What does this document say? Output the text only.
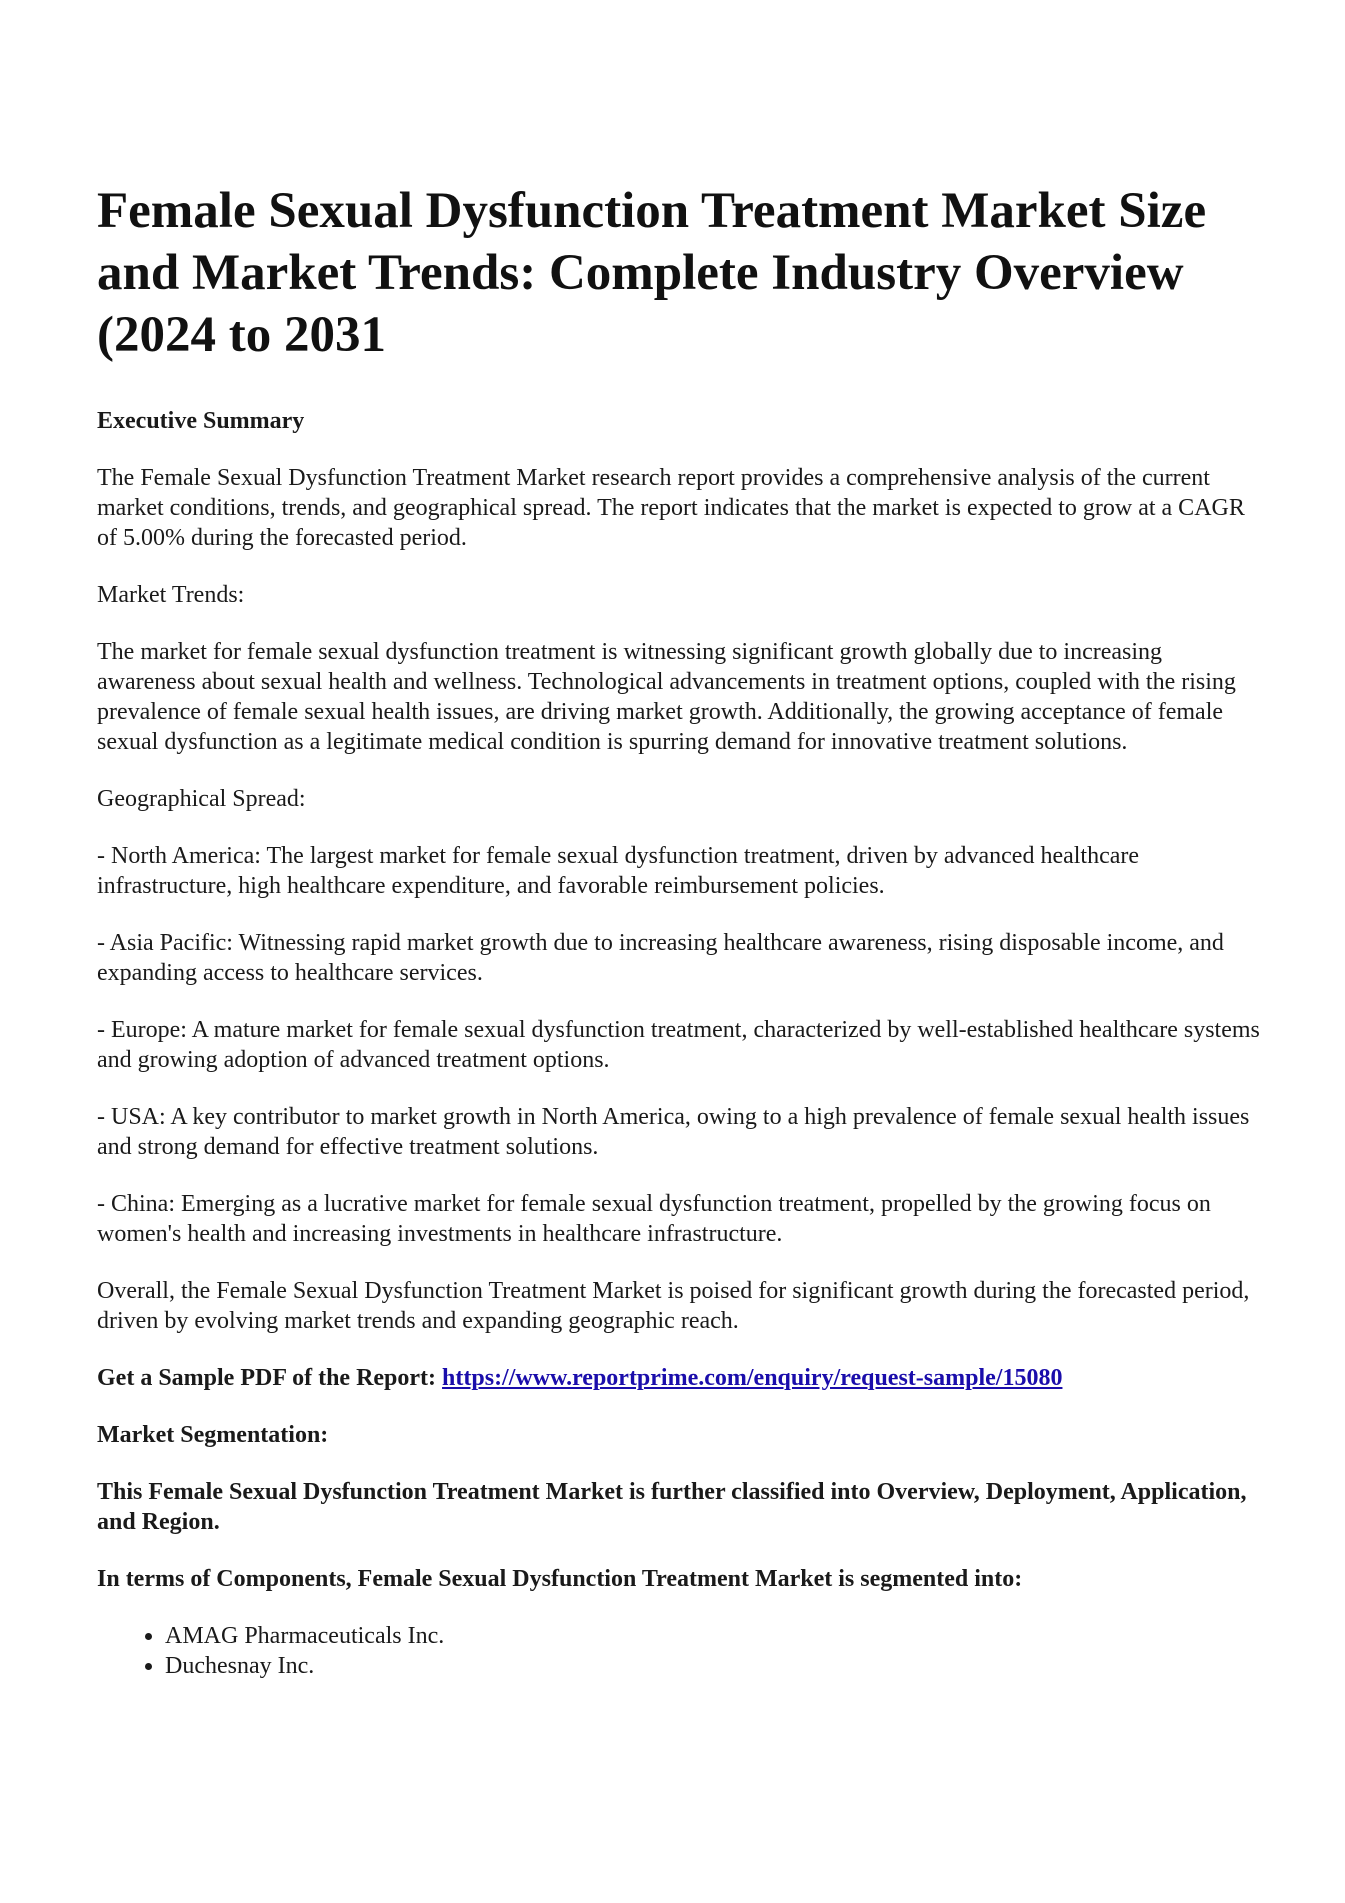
Female Sexual Dysfunction Treatment Market Size and Market Trends: Complete Industry Overview (2024 to 2031

Executive Summary

The Female Sexual Dysfunction Treatment Market research report provides a comprehensive analysis of the current market conditions, trends, and geographical spread. The report indicates that the market is expected to grow at a CAGR of 5.00% during the forecasted period.

Market Trends:

The market for female sexual dysfunction treatment is witnessing significant growth globally due to increasing awareness about sexual health and wellness. Technological advancements in treatment options, coupled with the rising prevalence of female sexual health issues, are driving market growth. Additionally, the growing acceptance of female sexual dysfunction as a legitimate medical condition is spurring demand for innovative treatment solutions.

Geographical Spread:

- North America: The largest market for female sexual dysfunction treatment, driven by advanced healthcare infrastructure, high healthcare expenditure, and favorable reimbursement policies.

- Asia Pacific: Witnessing rapid market growth due to increasing healthcare awareness, rising disposable income, and expanding access to healthcare services.

- Europe: A mature market for female sexual dysfunction treatment, characterized by well-established healthcare systems and growing adoption of advanced treatment options.

- USA: A key contributor to market growth in North America, owing to a high prevalence of female sexual health issues and strong demand for effective treatment solutions.

- China: Emerging as a lucrative market for female sexual dysfunction treatment, propelled by the growing focus on women's health and increasing investments in healthcare infrastructure.

Overall, the Female Sexual Dysfunction Treatment Market is poised for significant growth during the forecasted period, driven by evolving market trends and expanding geographic reach.

Get a Sample PDF of the Report: https://www.reportprime.com/enquiry/request-sample/15080

Market Segmentation:

This Female Sexual Dysfunction Treatment Market is further classified into Overview, Deployment, Application, and Region.

In terms of Components, Female Sexual Dysfunction Treatment Market is segmented into:

• AMAG Pharmaceuticals Inc.
• Duchesnay Inc.
